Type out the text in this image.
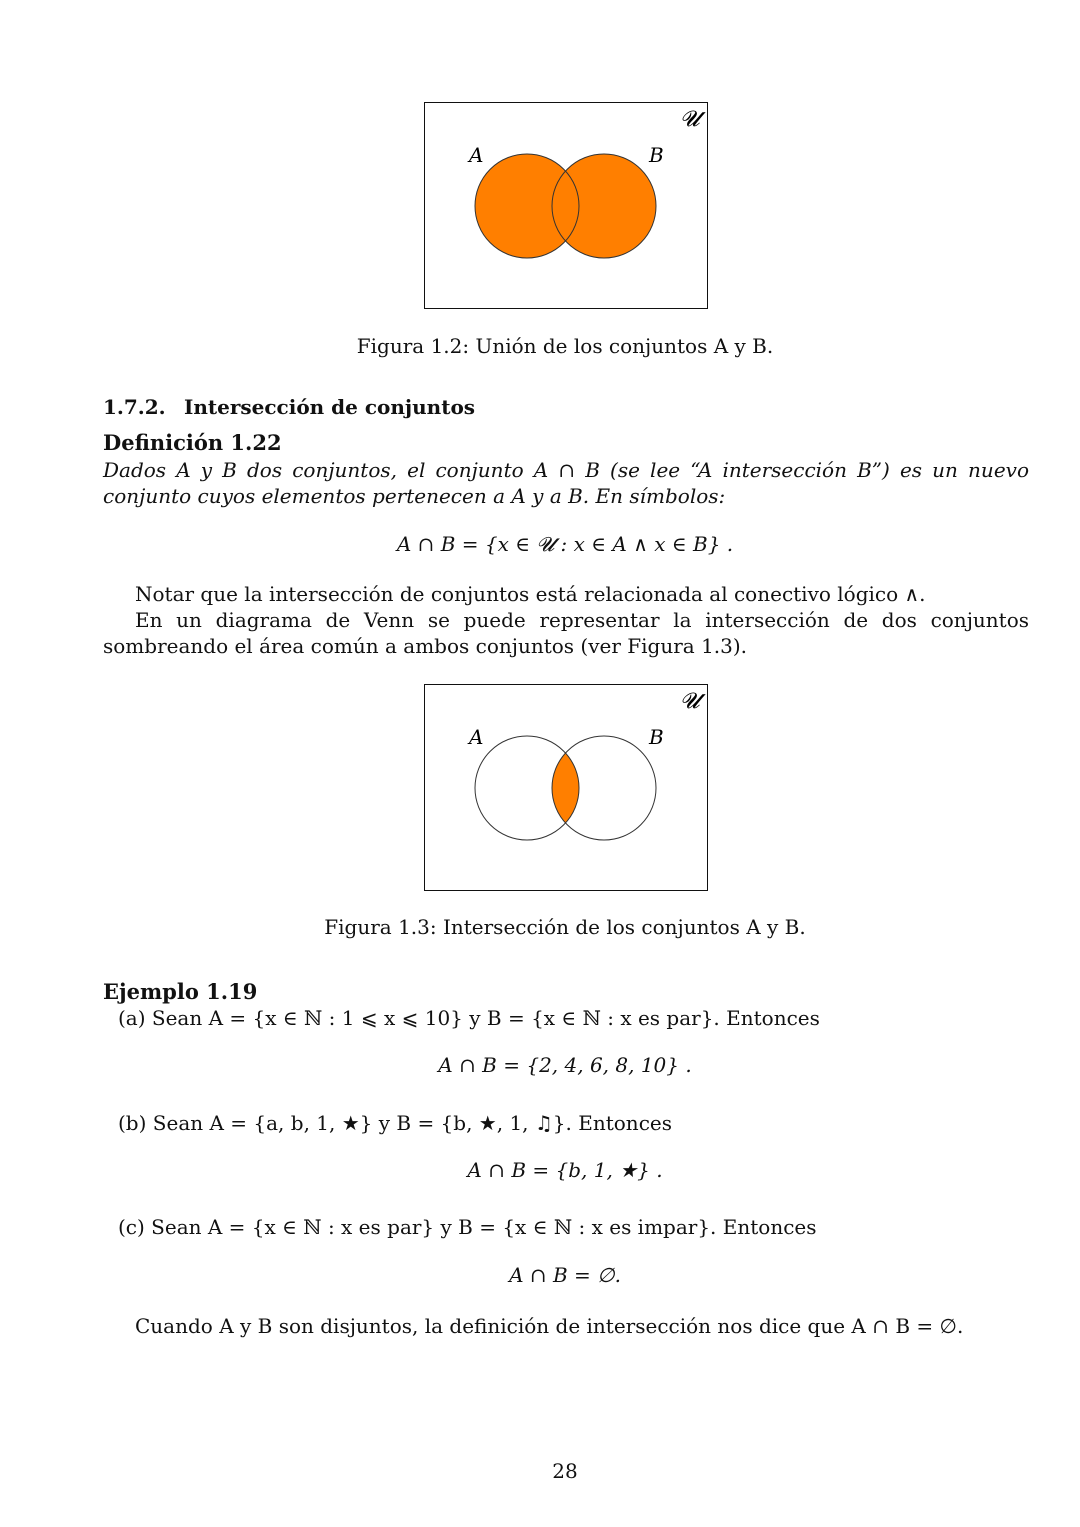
𝓤
A	B
Figura 1.2: Unión de los conjuntos A y B.
1.7.2. Intersección de conjuntos
Definición 1.22
Dados A y B dos conjuntos, el conjunto A ∩ B (se lee “A intersección B”) es un nuevo conjunto cuyos elementos pertenecen a A y a B. En símbolos:
A ∩ B = {x ∈ 𝓤 : x ∈ A ∧ x ∈ B} .
Notar que la intersección de conjuntos está relacionada al conectivo lógico ∧.
En un diagrama de Venn se puede representar la intersección de dos conjuntos sombreando el área común a ambos conjuntos (ver Figura 1.3).
𝓤
A	B
Figura 1.3: Intersección de los conjuntos A y B.
Ejemplo 1.19
(a) Sean A = {x ∈ ℕ : 1 ⩽ x ⩽ 10} y B = {x ∈ ℕ : x es par}. Entonces
A ∩ B = {2, 4, 6, 8, 10} .
(b) Sean A = {a, b, 1, ★} y B = {b, ★, 1, ♫}. Entonces
A ∩ B = {b, 1, ★} .
(c) Sean A = {x ∈ ℕ : x es par} y B = {x ∈ ℕ : x es impar}. Entonces
A ∩ B = ∅.
Cuando A y B son disjuntos, la definición de intersección nos dice que A ∩ B = ∅.
28
